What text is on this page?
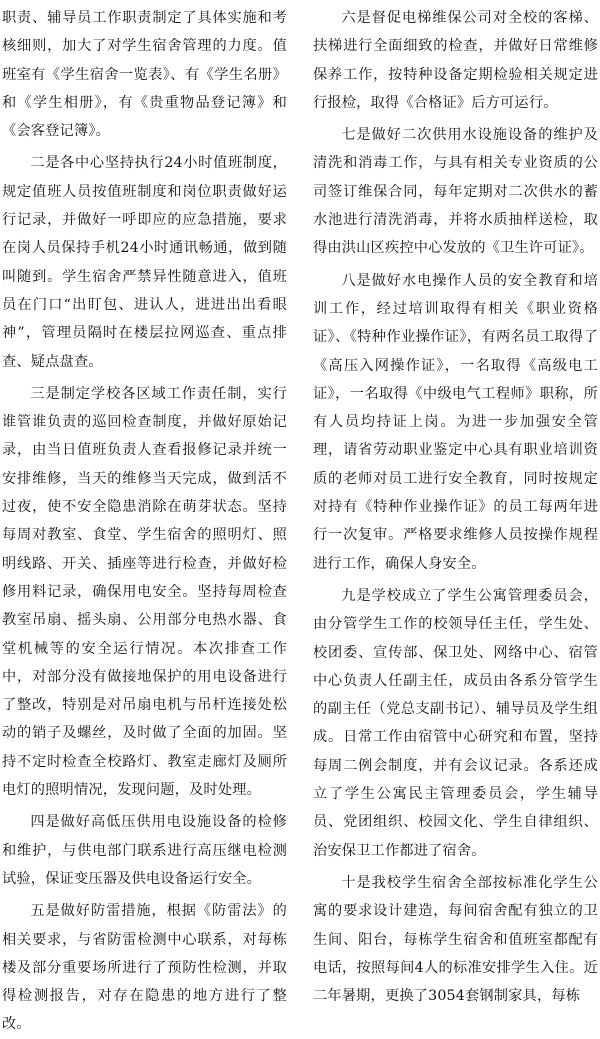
职责、辅导员工作职责制定了具体实施和考核细则，加大了对学生宿舍管理的力度。值班室有《学生宿舍一览表》、有《学生名册》和《学生相册》，有《贵重物品登记簿》和《会客登记簿》。

二是各中心坚持执行24小时值班制度，规定值班人员按值班制度和岗位职责做好运行记录，并做好一呼即应的应急措施，要求在岗人员保持手机24小时通讯畅通，做到随叫随到。学生宿舍严禁异性随意进入，值班员在门口“出盯包、进认人，进进出出看眼神”，管理员隔时在楼层拉网巡查、重点排查、疑点盘查。

三是制定学校各区域工作责任制，实行谁管谁负责的巡回检查制度，并做好原始记录，由当日值班负责人查看报修记录并统一安排维修，当天的维修当天完成，做到活不过夜，使不安全隐患消除在萌芽状态。坚持每周对教室、食堂、学生宿舍的照明灯、照明线路、开关、插座等进行检查，并做好检修用料记录，确保用电安全。坚持每周检查教室吊扇、摇头扇、公用部分电热水器、食堂机械等的安全运行情况。本次排查工作中，对部分没有做接地保护的用电设备进行了整改，特别是对吊扇电机与吊杆连接处松动的销子及螺丝，及时做了全面的加固。坚持不定时检查全校路灯、教室走廊灯及厕所电灯的照明情况，发现问题，及时处理。

四是做好高低压供用电设施设备的检修和维护，与供电部门联系进行高压继电检测试验，保证变压器及供电设备运行安全。

五是做好防雷措施，根据《防雷法》的相关要求，与省防雷检测中心联系，对每栋楼及部分重要场所进行了预防性检测，并取得检测报告，对存在隐患的地方进行了整改。

六是督促电梯维保公司对全校的客梯、扶梯进行全面细致的检查，并做好日常维修保养工作，按特种设备定期检验相关规定进行报检，取得《合格证》后方可运行。

七是做好二次供用水设施设备的维护及清洗和消毒工作，与具有相关专业资质的公司签订维保合同，每年定期对二次供水的蓄水池进行清洗消毒，并将水质抽样送检，取得由洪山区疾控中心发放的《卫生许可证》。

八是做好水电操作人员的安全教育和培训工作，经过培训取得有相关《职业资格证》、《特种作业操作证》，有两名员工取得了《高压入网操作证》，一名取得《高级电工证》，一名取得《中级电气工程师》职称，所有人员均持证上岗。为进一步加强安全管理，请省劳动职业鉴定中心具有职业培训资质的老师对员工进行安全教育，同时按规定对持有《特种作业操作证》的员工每两年进行一次复审。严格要求维修人员按操作规程进行工作，确保人身安全。

九是学校成立了学生公寓管理委员会，由分管学生工作的校领导任主任，学生处、校团委、宣传部、保卫处、网络中心、宿管中心负责人任副主任，成员由各系分管学生的副主任（党总支副书记）、辅导员及学生组成。日常工作由宿管中心研究和布置，坚持每周二例会制度，并有会议记录。各系还成立了学生公寓民主管理委员会，学生辅导员、党团组织、校园文化、学生自律组织、治安保卫工作都进了宿舍。

十是我校学生宿舍全部按标准化学生公寓的要求设计建造，每间宿舍配有独立的卫生间、阳台，每栋学生宿舍和值班室都配有电话，按照每间4人的标准安排学生入住。近二年暑期，更换了3054套钢制家具，每栋
